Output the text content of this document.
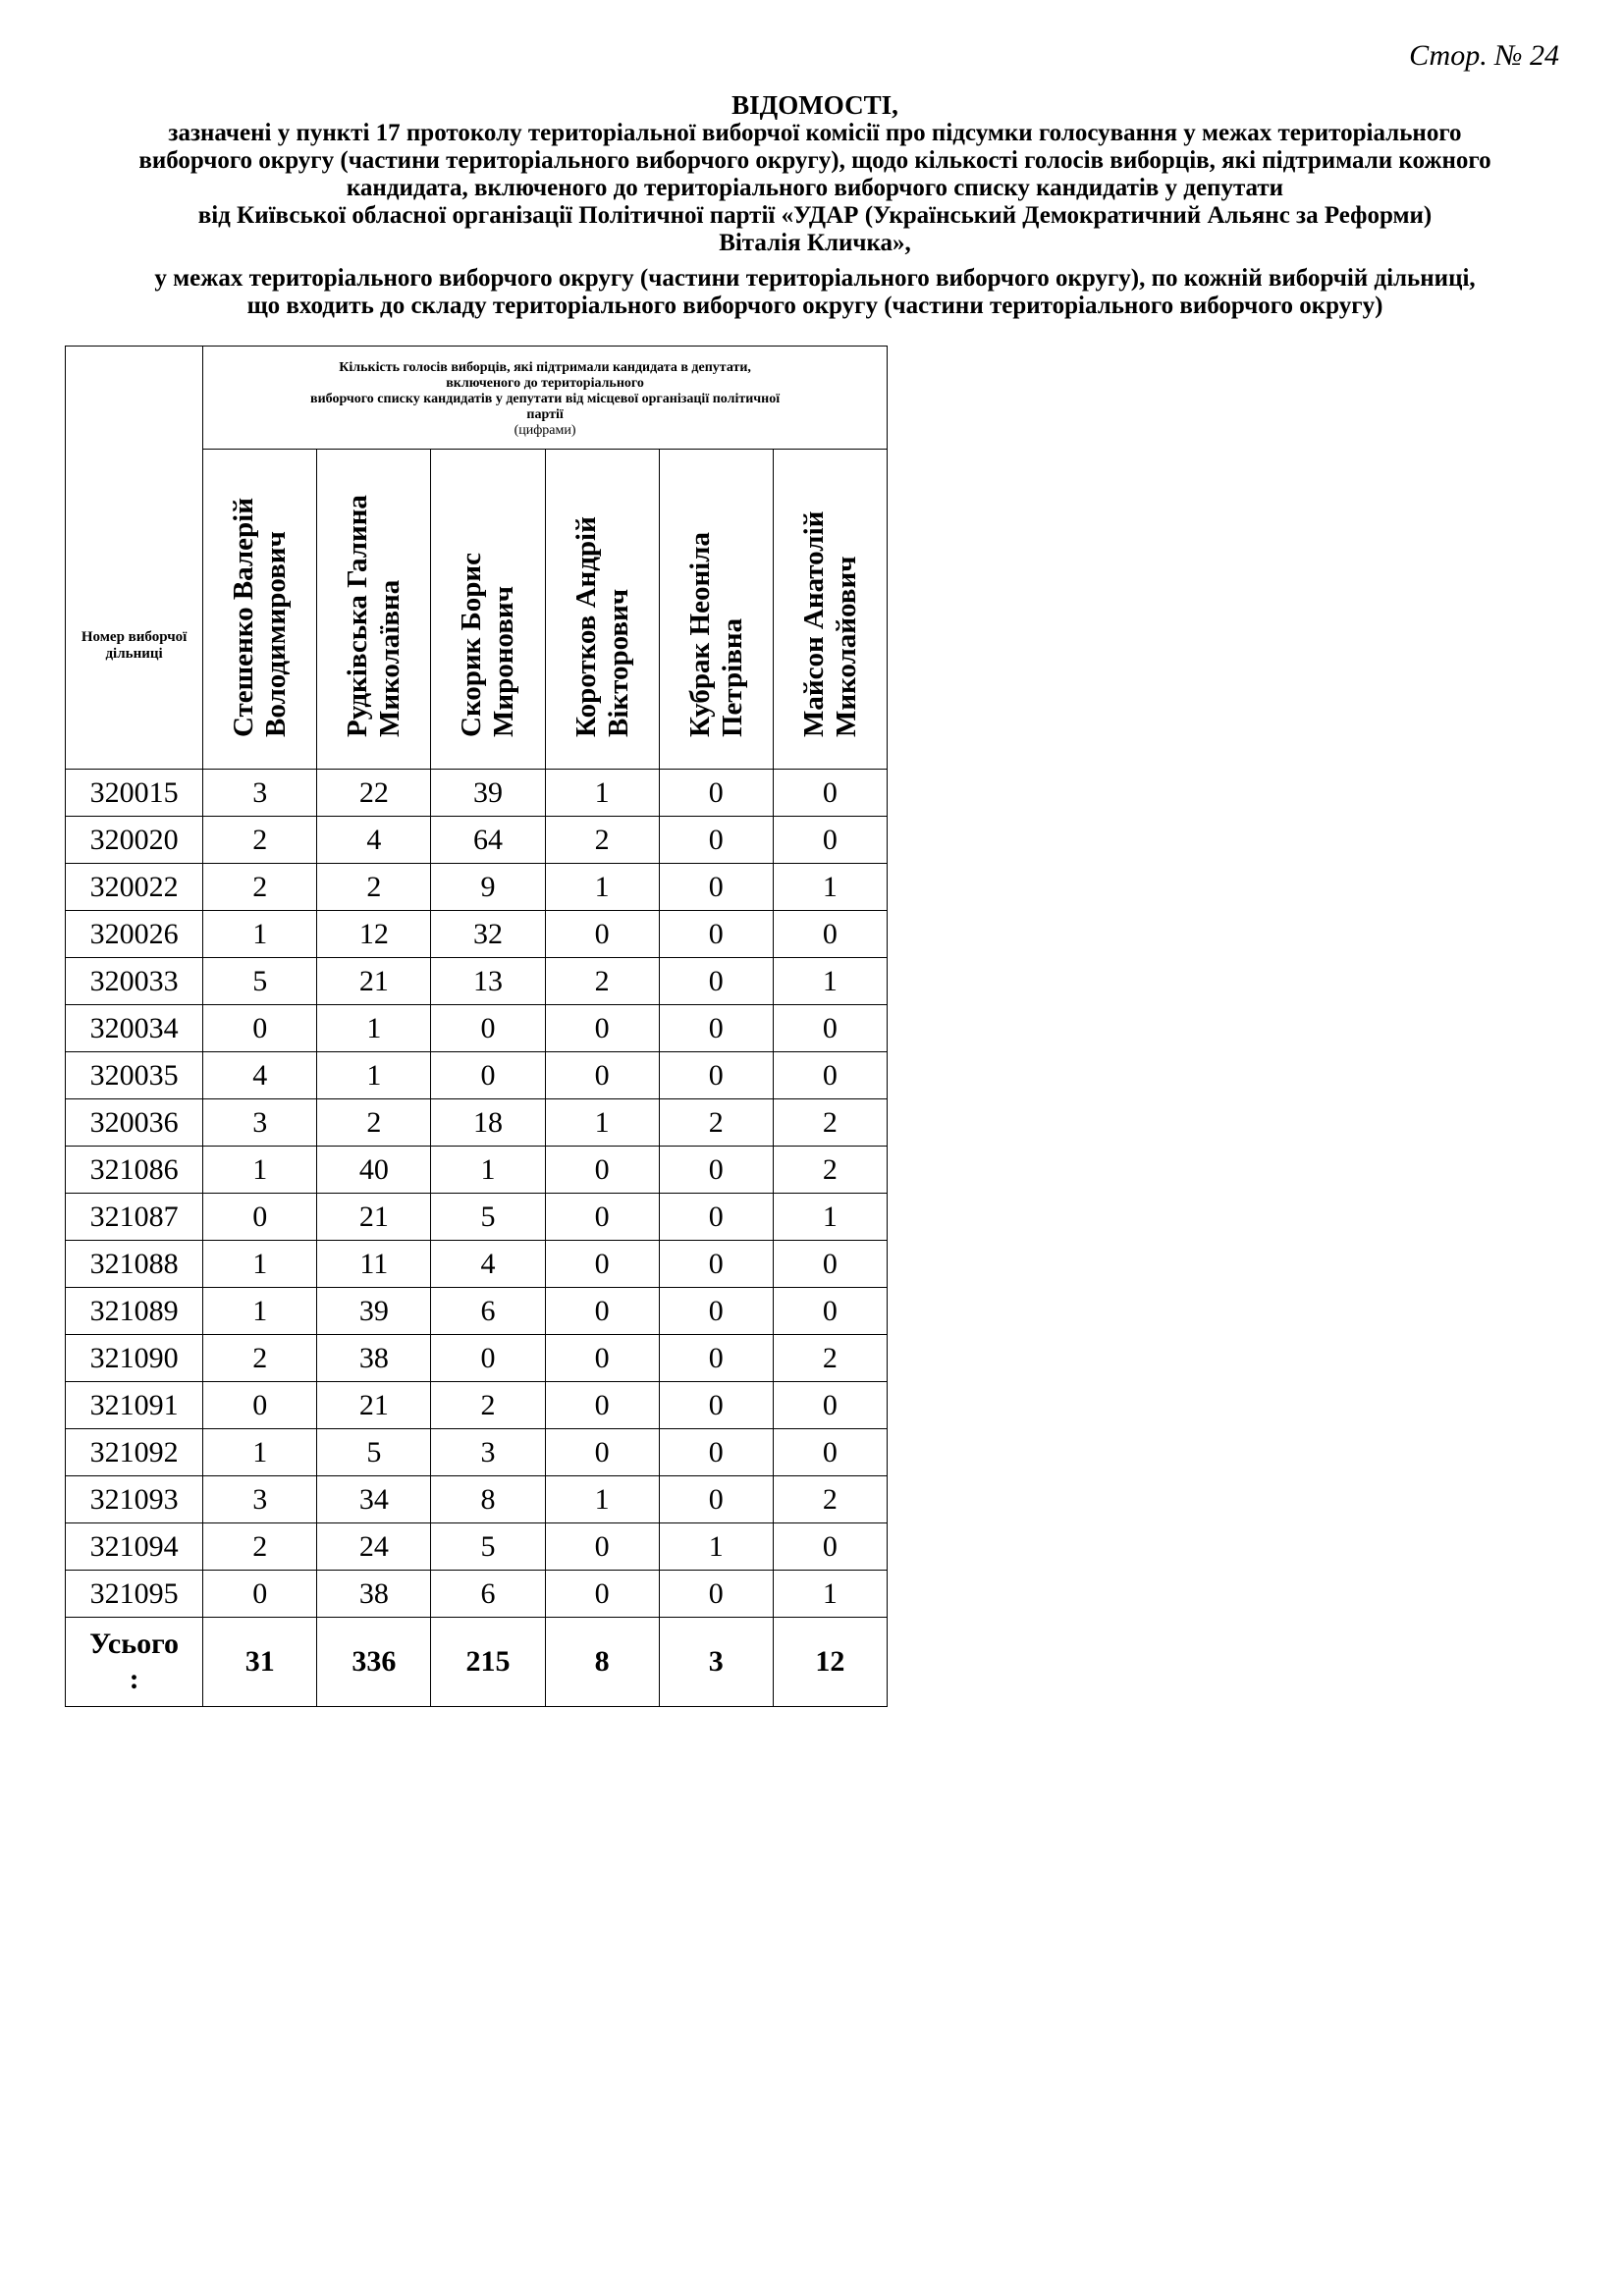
Стор. № 24
ВІДОМОСТІ,
зазначені у пункті 17 протоколу територіальної виборчої комісії про підсумки голосування у межах територіального
виборчого округу (частини територіального виборчого округу), щодо кількості голосів виборців, які підтримали кожного
кандидата, включеного до територіального виборчого списку кандидатів у депутати
від Київської обласної організації Політичної партії «УДАР (Український Демократичний Альянс за Реформи)
Віталія Кличка»,
у межах територіального виборчого округу (частини територіального виборчого округу), по кожній виборчій дільниці,
що входить до складу територіального виборчого округу (частини територіального виборчого округу)
Номер виборчої дільниці	Кількість голосів виборців, які підтримали кандидата в депутати,
включеного до територіального
виборчого списку кандидатів у депутати від місцевої організації політичної
партії
(цифрами)					

	Стешенко Валерій Володимирович	Рудківська Галина Миколаївна	Скорик Борис Миронович	Коротков Андрій Вікторович	Кубрак Неоніла Петрівна	Майсон Анатолій Миколайович

320015	3	22	39	1	0	0
320020	2	4	64	2	0	0
320022	2	2	9	1	0	1
320026	1	12	32	0	0	0
320033	5	21	13	2	0	1
320034	0	1	0	0	0	0
320035	4	1	0	0	0	0
320036	3	2	18	1	2	2
321086	1	40	1	0	0	2
321087	0	21	5	0	0	1
321088	1	11	4	0	0	0
321089	1	39	6	0	0	0
321090	2	38	0	0	0	2
321091	0	21	2	0	0	0
321092	1	5	3	0	0	0
321093	3	34	8	1	0	2
321094	2	24	5	0	1	0
321095	0	38	6	0	0	1

Усього
:	31	336	215	8	3	12
